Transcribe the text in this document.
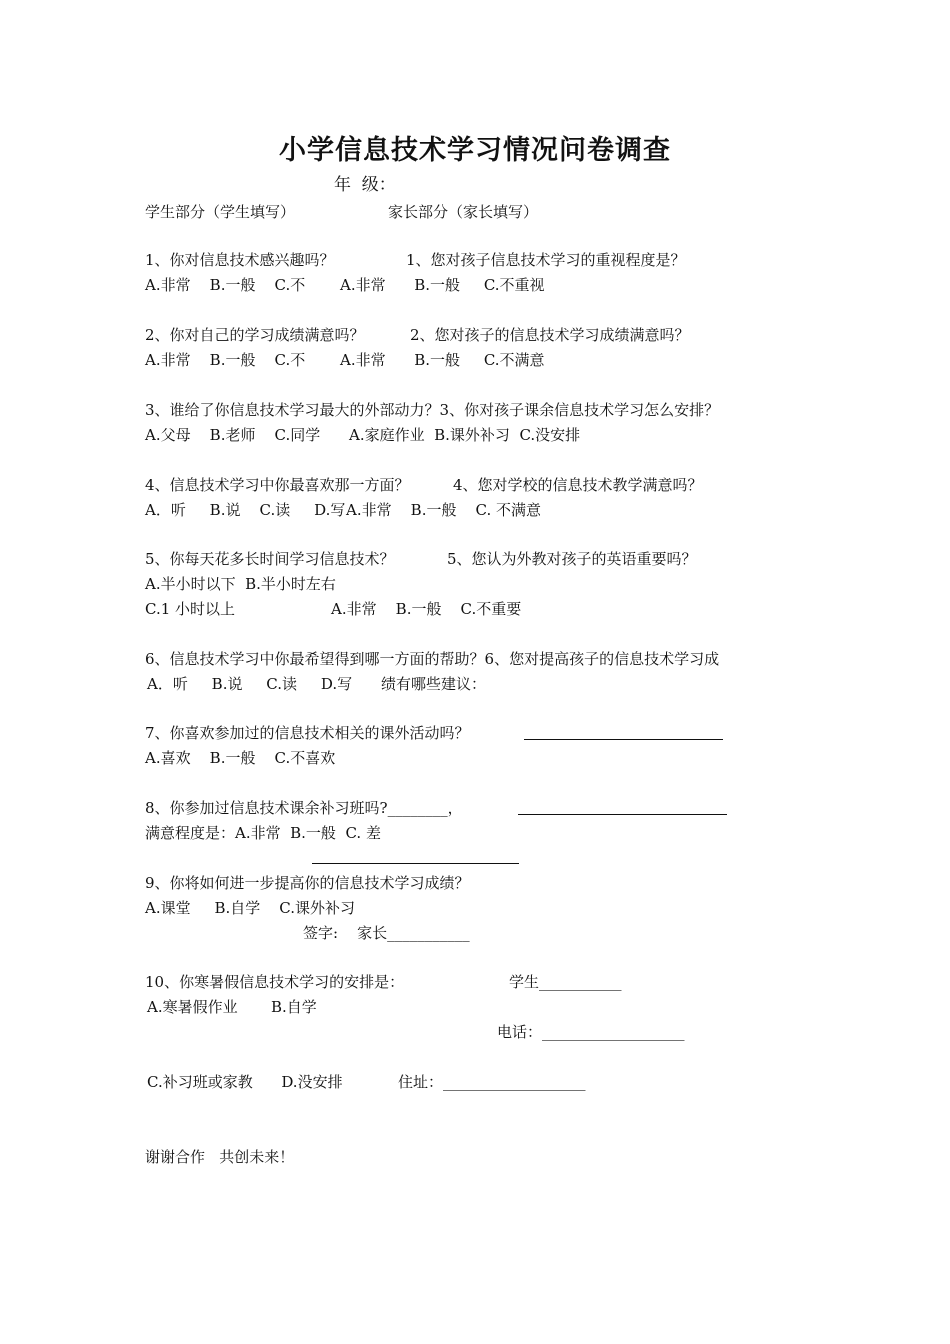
小学信息技术学习情况问卷调查
年  级：
学生部分（学生填写）	家长部分（家长填写）
1、你对信息技术感兴趣吗？	1、您对孩子信息技术学习的重视程度是？
A.非常    B.一般    C.不 A.非常      B.一般     C.不重视
2、你对自己的学习成绩满意吗？	2、您对孩子的信息技术学习成绩满意吗？
A.非常    B.一般    C.不 A.非常      B.一般     C.不满意
3、谁给了你信息技术学习最大的外部动力？3、你对孩子课余信息技术学习怎么安排？
A.父母    B.老师    C.同学 A.家庭作业  B.课外补习  C.没安排
4、信息技术学习中你最喜欢那一方面？	4、您对学校的信息技术教学满意吗？
A．听     B.说    C.读     D.写 A.非常    B.一般    C. 不满意
5、你每天花多长时间学习信息技术？	5、您认为外教对孩子的英语重要吗？
A.半小时以下  B.半小时左右
C.1 小时以上	A.非常    B.一般    C.不重要
6、信息技术学习中你最希望得到哪一方面的帮助？6、您对提高孩子的信息技术学习成
A．听     B.说     C.读     D.写 绩有哪些建议：
7、你喜欢参加过的信息技术相关的课外活动吗？
A.喜欢    B.一般    C.不喜欢
8、你参加过信息技术课余补习班吗?________，
满意程度是：A.非常  B.一般  C. 差
9、你将如何进一步提高你的信息技术学习成绩？
A.课堂     B.自学    C.课外补习
签字:    家长___________
10、你寒暑假信息技术学习的安排是：	学生___________
A.寒暑假作业       B.自学
电话：___________________
C.补习班或家教      D.没安排	住址：___________________
谢谢合作   共创未来！
